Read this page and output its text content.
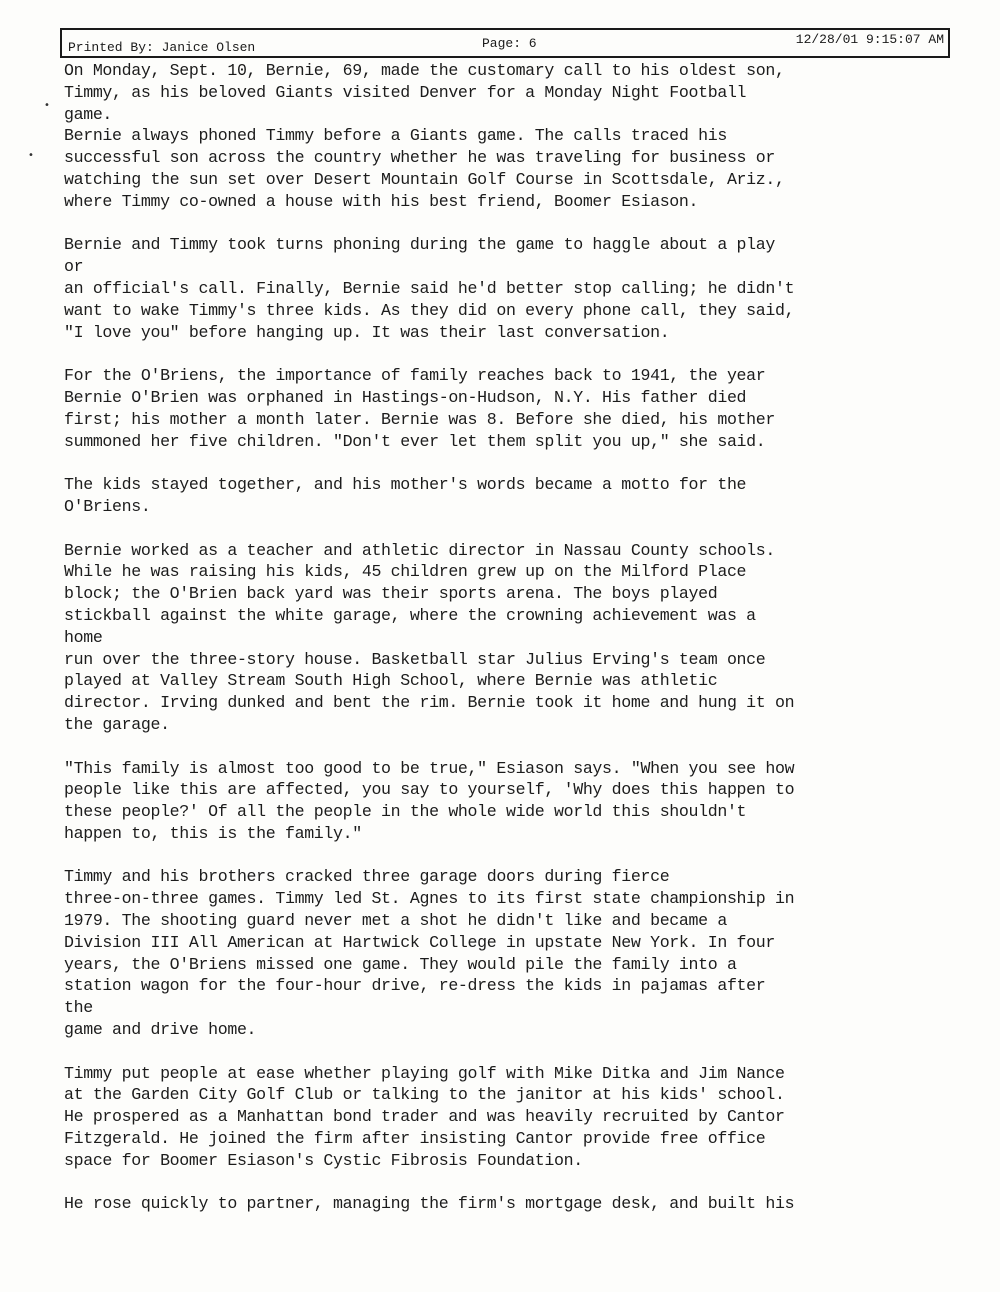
Printed By: Janice Olsen	Page: 6	12/28/01 9:15:07 AM
•
•
On Monday, Sept. 10, Bernie, 69, made the customary call to his oldest son,
Timmy, as his beloved Giants visited Denver for a Monday Night Football
game.
Bernie always phoned Timmy before a Giants game. The calls traced his
successful son across the country whether he was traveling for business or
watching the sun set over Desert Mountain Golf Course in Scottsdale, Ariz.,
where Timmy co-owned a house with his best friend, Boomer Esiason.
Bernie and Timmy took turns phoning during the game to haggle about a play
or
an official's call. Finally, Bernie said he'd better stop calling; he didn't
want to wake Timmy's three kids. As they did on every phone call, they said,
"I love you" before hanging up. It was their last conversation.
For the O'Briens, the importance of family reaches back to 1941, the year
Bernie O'Brien was orphaned in Hastings-on-Hudson, N.Y. His father died
first; his mother a month later. Bernie was 8. Before she died, his mother
summoned her five children. "Don't ever let them split you up," she said.
The kids stayed together, and his mother's words became a motto for the
O'Briens.
Bernie worked as a teacher and athletic director in Nassau County schools.
While he was raising his kids, 45 children grew up on the Milford Place
block; the O'Brien back yard was their sports arena. The boys played
stickball against the white garage, where the crowning achievement was a
home
run over the three-story house. Basketball star Julius Erving's team once
played at Valley Stream South High School, where Bernie was athletic
director. Irving dunked and bent the rim. Bernie took it home and hung it on
the garage.
"This family is almost too good to be true," Esiason says. "When you see how
people like this are affected, you say to yourself, 'Why does this happen to
these people?' Of all the people in the whole wide world this shouldn't
happen to, this is the family."
Timmy and his brothers cracked three garage doors during fierce
three-on-three games. Timmy led St. Agnes to its first state championship in
1979. The shooting guard never met a shot he didn't like and became a
Division III All American at Hartwick College in upstate New York. In four
years, the O'Briens missed one game. They would pile the family into a
station wagon for the four-hour drive, re-dress the kids in pajamas after
the
game and drive home.
Timmy put people at ease whether playing golf with Mike Ditka and Jim Nance
at the Garden City Golf Club or talking to the janitor at his kids' school.
He prospered as a Manhattan bond trader and was heavily recruited by Cantor
Fitzgerald. He joined the firm after insisting Cantor provide free office
space for Boomer Esiason's Cystic Fibrosis Foundation.
He rose quickly to partner, managing the firm's mortgage desk, and built his
